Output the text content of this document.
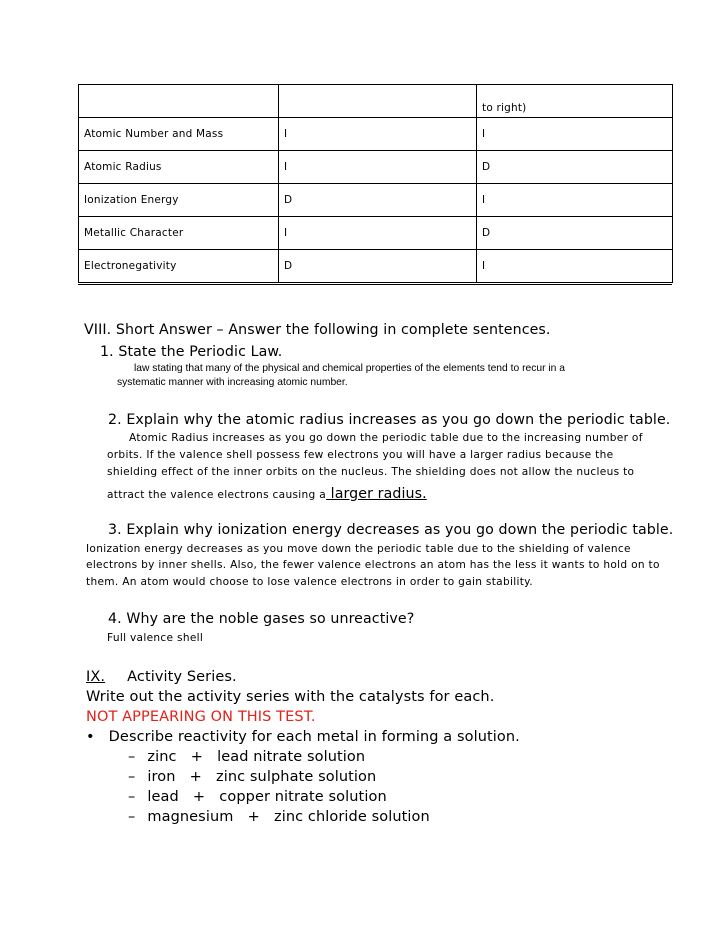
		to right)
Atomic Number and Mass	I	I
Atomic Radius	I	D
Ionization Energy	D	I
Metallic Character	I	D
Electronegativity	D	I
VIII. Short Answer – Answer the following in complete sentences.
1. State the Periodic Law.
law stating that many of the physical and chemical properties of the elements tend to recur in a
systematic manner with increasing atomic number.
2. Explain why the atomic radius increases as you go down the periodic table.
Atomic Radius increases as you go down the periodic table due to the increasing number of
orbits. If the valence shell possess few electrons you will have a larger radius because the
shielding effect of the inner orbits on the nucleus. The shielding does not allow the nucleus to
attract the valence electrons causing a larger radius.
3. Explain why ionization energy decreases as you go down the periodic table.
Ionization energy decreases as you move down the periodic table due to the shielding of valence
electrons by inner shells. Also, the fewer valence electrons an atom has the less it wants to hold on to
them. An atom would choose to lose valence electrons in order to gain stability.
4. Why are the noble gases so unreactive?
Full valence shell
IX. Activity Series.
Write out the activity series with the catalysts for each.
NOT APPEARING ON THIS TEST.
• Describe reactivity for each metal in forming a solution.
– zinc   +   lead nitrate solution
– iron   +   zinc sulphate solution
– lead   +   copper nitrate solution
– magnesium   +   zinc chloride solution
